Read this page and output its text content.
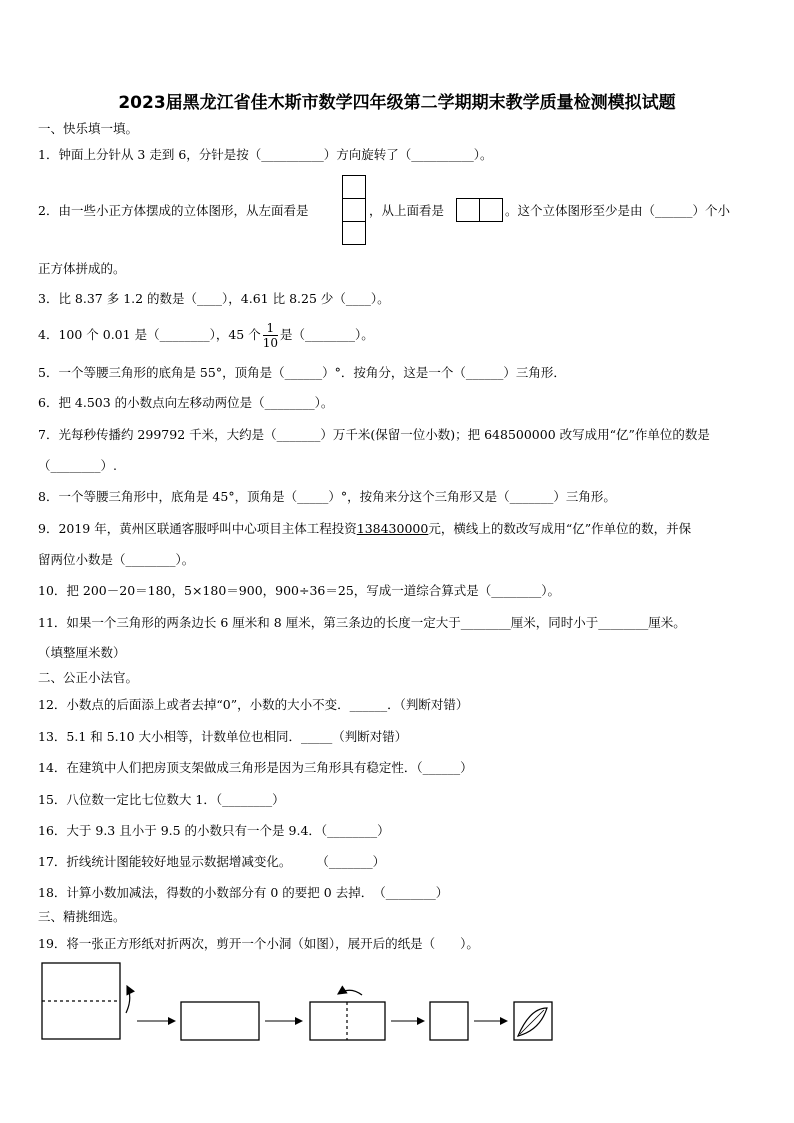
2023届黑龙江省佳木斯市数学四年级第二学期期末教学质量检测模拟试题
一、快乐填一填。
1．钟面上分针从 3 走到 6，分针是按（__________）方向旋转了（__________）。
2．由一些小正方体摆成的立体图形，从左面看是	，从上面看是	。这个立体图形至少是由（______）个小
正方体拼成的。
3．比 8.37 多 1.2 的数是（____），4.61 比 8.25 少（____）。
4．100 个 0.01 是（________），45 个 $\frac{1}{10}$ 是（________）。
5．一个等腰三角形的底角是 55°，顶角是（______）°．按角分，这是一个（______）三角形．
6．把 4.503 的小数点向左移动两位是（________）。
7．光每秒传播约 299792 千米，大约是（_______）万千米(保留一位小数)；把 648500000 改写成用“亿”作单位的数是
（________）.
8．一个等腰三角形中，底角是 45°，顶角是（_____）°，按角来分这个三角形又是（_______）三角形。
9．2019 年，黄州区联通客服呼叫中心项目主体工程投资138430000元，横线上的数改写成用“亿”作单位的数，并保
留两位小数是（________）。
10．把 200－20＝180，5×180＝900，900÷36＝25，写成一道综合算式是（________）。
11．如果一个三角形的两条边长 6 厘米和 8 厘米，第三条边的长度一定大于________厘米，同时小于________厘米。
（填整厘米数）
二、公正小法官。
12．小数点的后面添上或者去掉“0”，小数的大小不变．______．（判断对错）
13．5.1 和 5.10 大小相等，计数单位也相同．_____（判断对错）
14．在建筑中人们把房顶支架做成三角形是因为三角形具有稳定性．（______）
15．八位数一定比七位数大 1．（________）
16．大于 9.3 且小于 9.5 的小数只有一个是 9.4．（________）
17．折线统计图能较好地显示数据增减变化。　　　（_______）
18．计算小数加减法，得数的小数部分有 0 的要把 0 去掉．　（________）
三、精挑细选。
19．将一张正方形纸对折两次，剪开一个小洞（如图），展开后的纸是（　　）。
